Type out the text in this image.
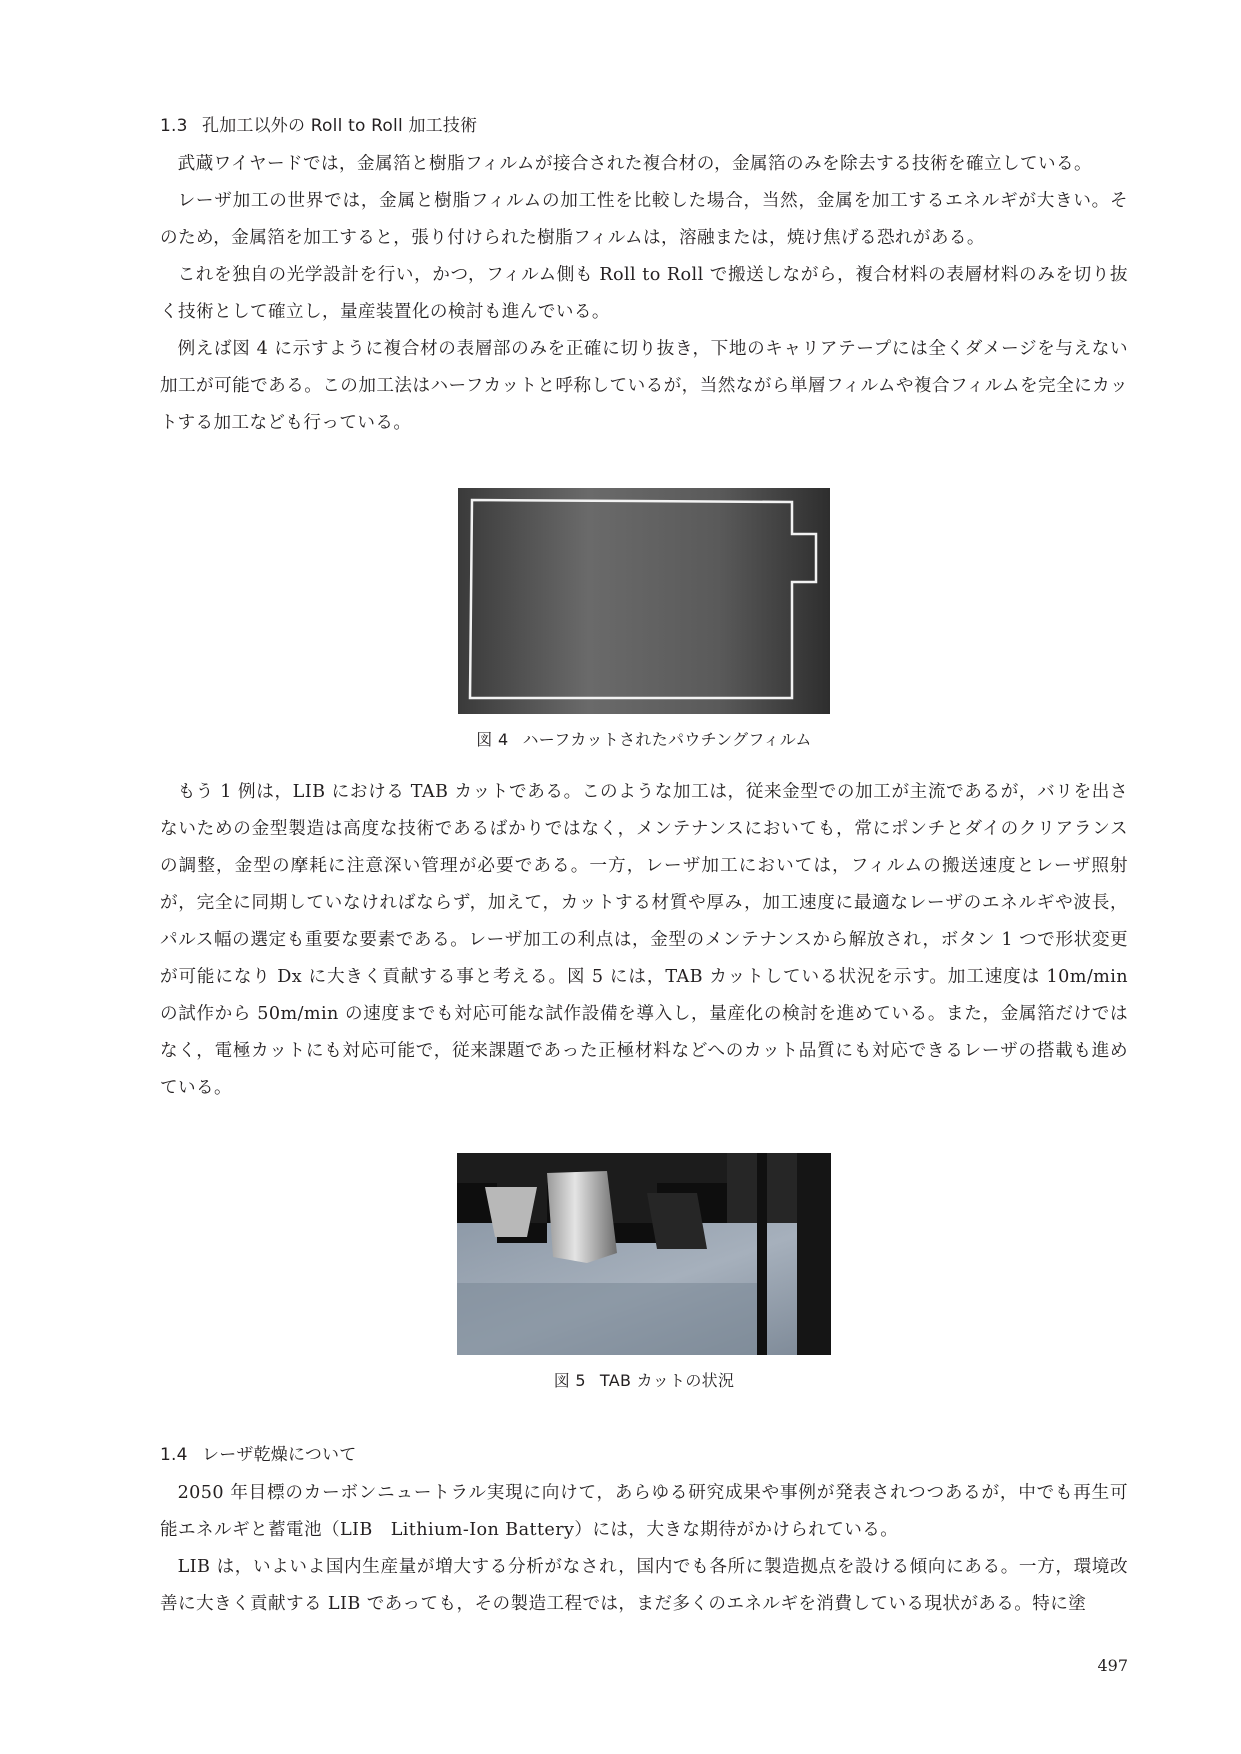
1.3 孔加工以外の Roll to Roll 加工技術

武蔵ワイヤードでは，金属箔と樹脂フィルムが接合された複合材の，金属箔のみを除去する技術を確立している。

レーザ加工の世界では，金属と樹脂フィルムの加工性を比較した場合，当然，金属を加工するエネルギが大きい。そのため，金属箔を加工すると，張り付けられた樹脂フィルムは，溶融または，焼け焦げる恐れがある。

これを独自の光学設計を行い，かつ，フィルム側も Roll to Roll で搬送しながら，複合材料の表層材料のみを切り抜く技術として確立し，量産装置化の検討も進んでいる。

例えば図 4 に示すように複合材の表層部のみを正確に切り抜き，下地のキャリアテープには全くダメージを与えない加工が可能である。この加工法はハーフカットと呼称しているが，当然ながら単層フィルムや複合フィルムを完全にカットする加工なども行っている。

図 4 ハーフカットされたパウチングフィルム

もう 1 例は，LIB における TAB カットである。このような加工は，従来金型での加工が主流であるが，バリを出さないための金型製造は高度な技術であるばかりではなく，メンテナンスにおいても，常にポンチとダイのクリアランスの調整，金型の摩耗に注意深い管理が必要である。一方，レーザ加工においては，フィルムの搬送速度とレーザ照射が，完全に同期していなければならず，加えて，カットする材質や厚み，加工速度に最適なレーザのエネルギや波長，パルス幅の選定も重要な要素である。レーザ加工の利点は，金型のメンテナンスから解放され，ボタン 1 つで形状変更が可能になり Dx に大きく貢献する事と考える。図 5 には，TAB カットしている状況を示す。加工速度は 10m/min の試作から 50m/min の速度までも対応可能な試作設備を導入し，量産化の検討を進めている。また，金属箔だけではなく，電極カットにも対応可能で，従来課題であった正極材料などへのカット品質にも対応できるレーザの搭載も進めている。

図 5 TAB カットの状況
1.4 レーザ乾燥について

2050 年目標のカーボンニュートラル実現に向けて，あらゆる研究成果や事例が発表されつつあるが，中でも再生可能エネルギと蓄電池（LIB　Lithium-Ion Battery）には，大きな期待がかけられている。

LIB は，いよいよ国内生産量が増大する分析がなされ，国内でも各所に製造拠点を設ける傾向にある。一方，環境改善に大きく貢献する LIB であっても，その製造工程では，まだ多くのエネルギを消費している現状がある。特に塗

497
